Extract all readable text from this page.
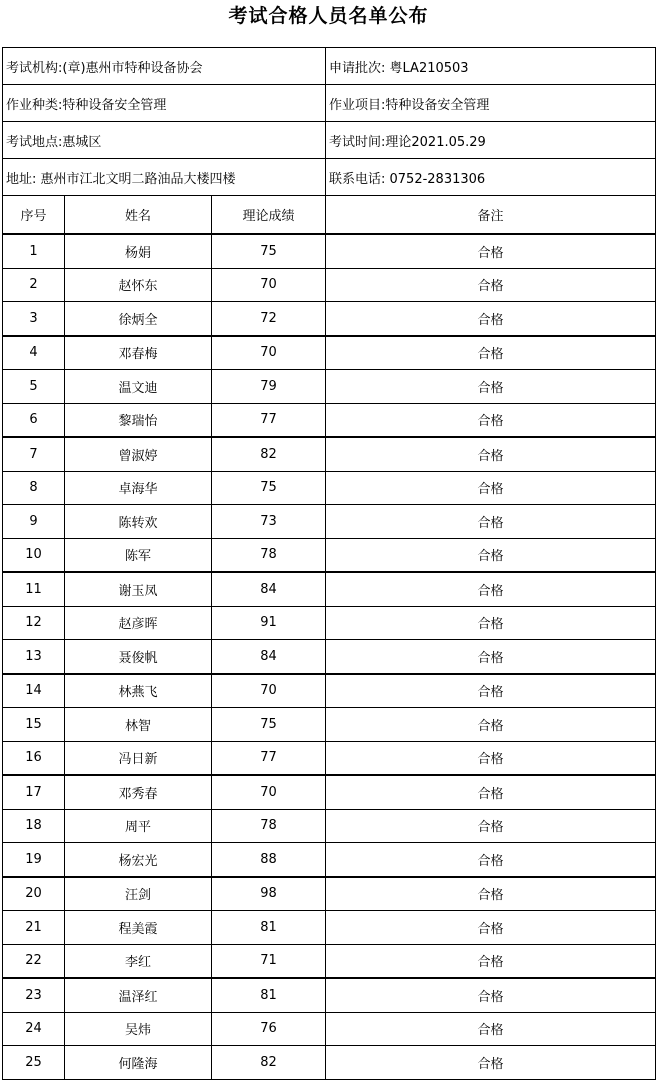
考试合格人员名单公布
考试机构:(章)惠州市特种设备协会			申请批次: 粤LA210503
作业种类:特种设备安全管理			作业项目:特种设备安全管理
考试地点:惠城区			考试时间:理论2021.05.29
地址: 惠州市江北文明二路油品大楼四楼			联系电话: 0752-2831306
序号	姓名	理论成绩	备注
1	杨娟	75	合格
2	赵怀东	70	合格
3	徐炳全	72	合格
4	邓春梅	70	合格
5	温文迪	79	合格
6	黎瑞怡	77	合格
7	曾淑婷	82	合格
8	卓海华	75	合格
9	陈转欢	73	合格
10	陈军	78	合格
11	谢玉凤	84	合格
12	赵彦晖	91	合格
13	聂俊帆	84	合格
14	林燕飞	70	合格
15	林智	75	合格
16	冯日新	77	合格
17	邓秀春	70	合格
18	周平	78	合格
19	杨宏光	88	合格
20	汪剑	98	合格
21	程美霞	81	合格
22	李红	71	合格
23	温泽红	81	合格
24	吴炜	76	合格
25	何隆海	82	合格
